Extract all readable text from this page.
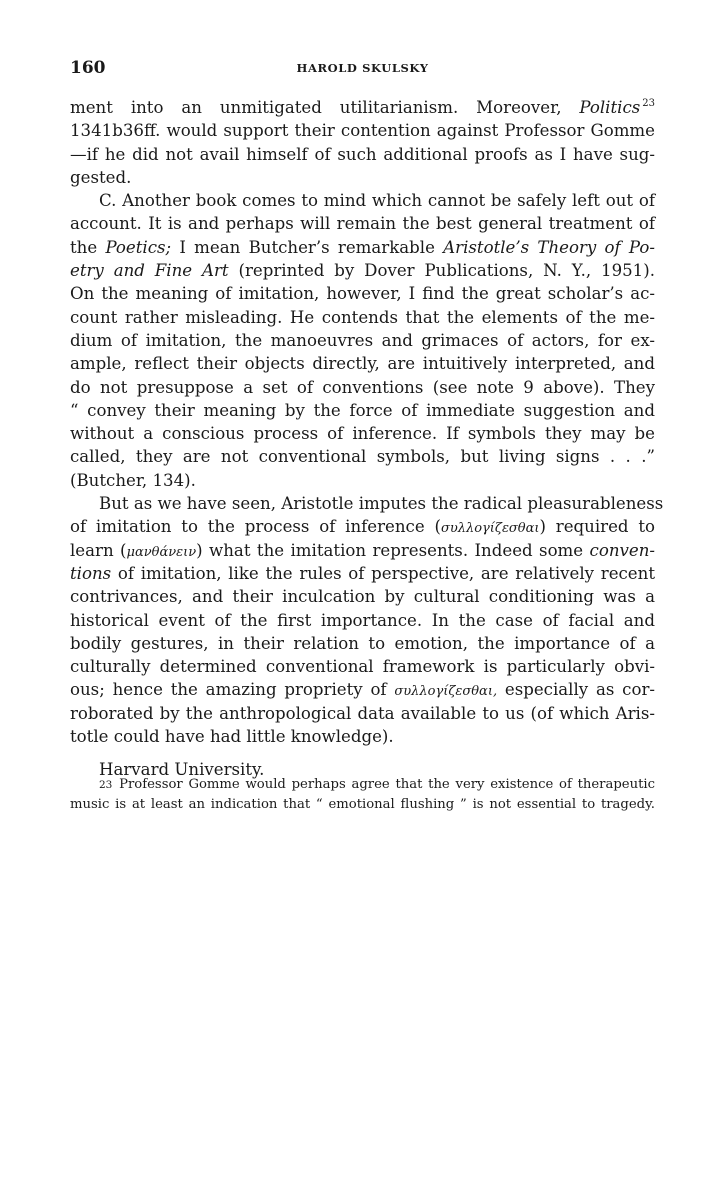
160	HAROLD SKULSKY
ment into an unmitigated utilitarianism. Moreover, Politics $^{23}$
1341b36ff. would support their contention against Professor Gomme
—if he did not avail himself of such additional proofs as I have sug-
gested.
C. Another book comes to mind which cannot be safely left out of
account. It is and perhaps will remain the best general treatment of
the Poetics; I mean Butcher’s remarkable Aristotle’s Theory of Po-
etry and Fine Art (reprinted by Dover Publications, N. Y., 1951).
On the meaning of imitation, however, I find the great scholar’s ac-
count rather misleading. He contends that the elements of the me-
dium of imitation, the manoeuvres and grimaces of actors, for ex-
ample, reflect their objects directly, are intuitively interpreted, and
do not presuppose a set of conventions (see note 9 above). They
“ convey their meaning by the force of immediate suggestion and
without a conscious process of inference. If symbols they may be
called, they are not conventional symbols, but living signs . . .”
(Butcher, 134).
But as we have seen, Aristotle imputes the radical pleasurableness
of imitation to the process of inference (συλλογίζεσθαι) required to
learn (μανθάνειν) what the imitation represents. Indeed some conven-
tions of imitation, like the rules of perspective, are relatively recent
contrivances, and their inculcation by cultural conditioning was a
historical event of the first importance. In the case of facial and
bodily gestures, in their relation to emotion, the importance of a
culturally determined conventional framework is particularly obvi-
ous; hence the amazing propriety of συλλογίζεσθαι, especially as cor-
roborated by the anthropological data available to us (of which Aris-
totle could have had little knowledge).
Harvard University.
23 Professor Gomme would perhaps agree that the very existence of therapeutic
music is at least an indication that “ emotional flushing ” is not essential to tragedy.
